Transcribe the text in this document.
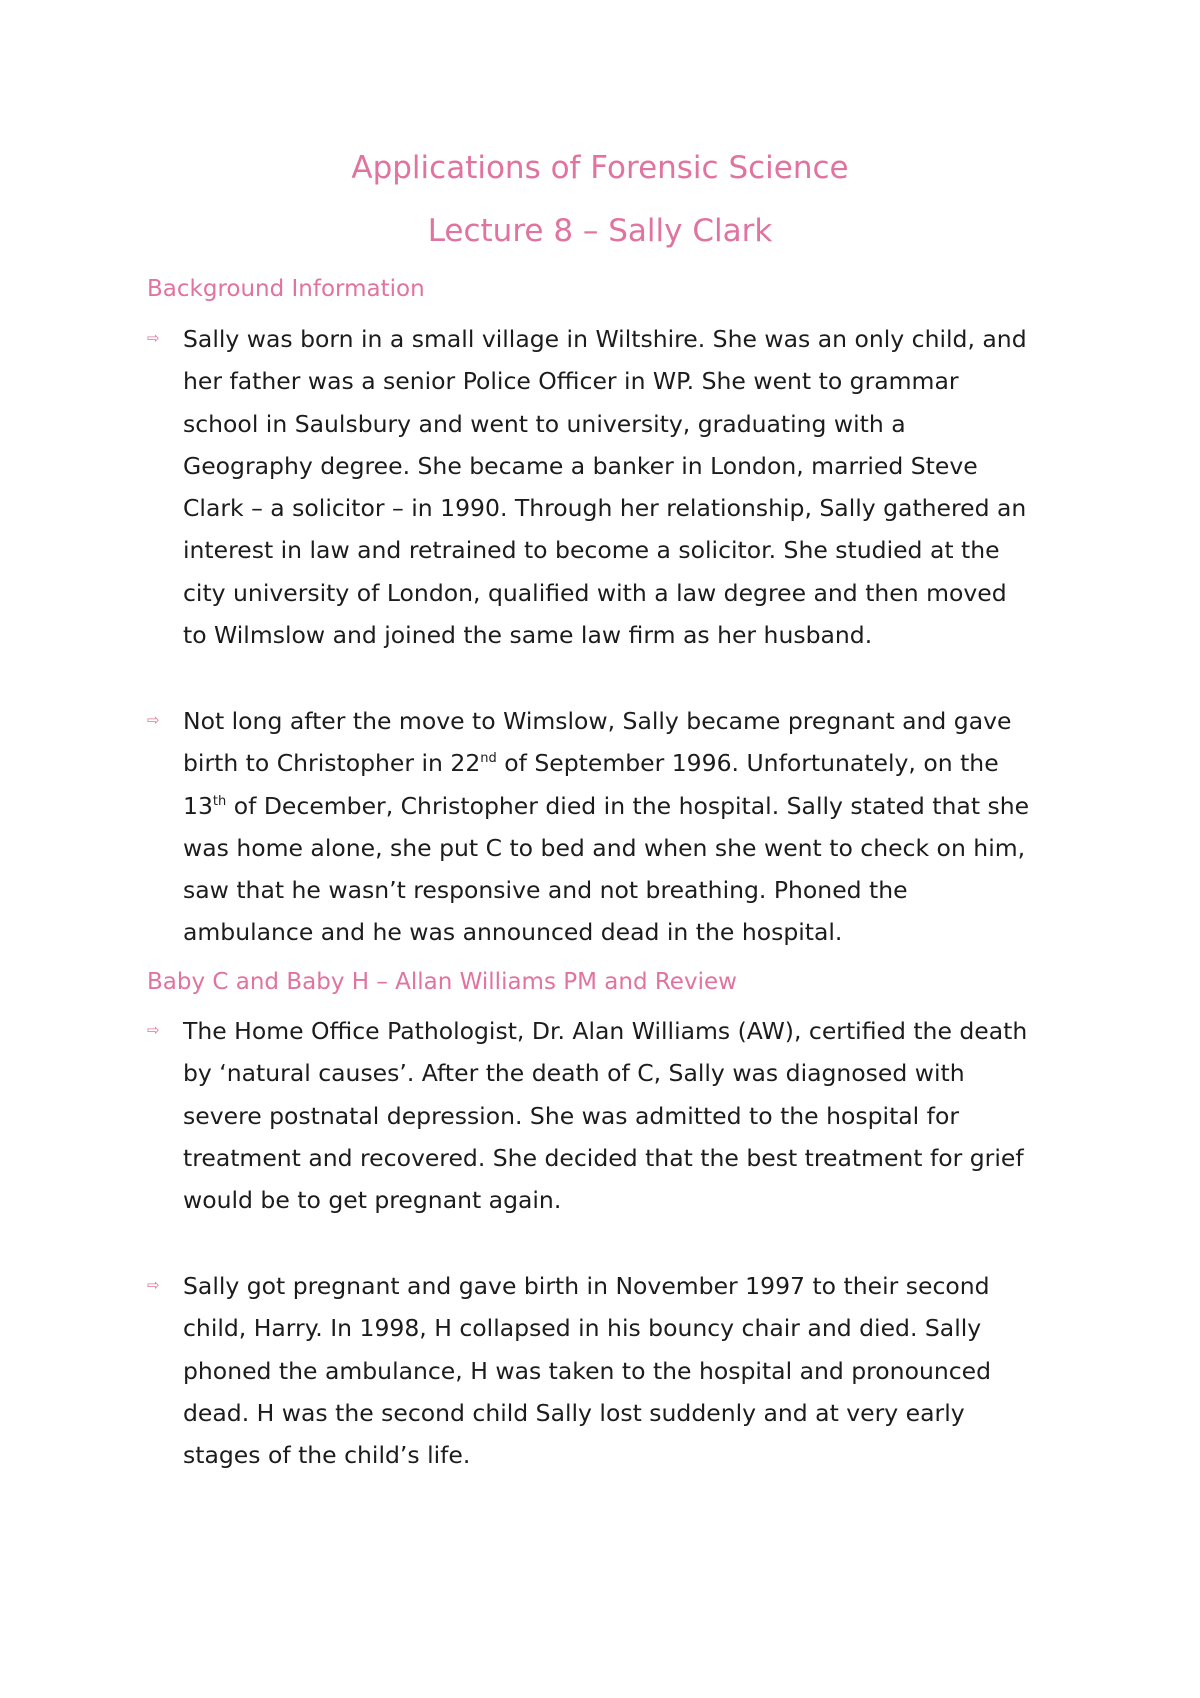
Applications of Forensic Science
Lecture 8 – Sally Clark
Background Information
⇨ Sally was born in a small village in Wiltshire. She was an only child, and
her father was a senior Police Officer in WP. She went to grammar
school in Saulsbury and went to university, graduating with a
Geography degree. She became a banker in London, married Steve
Clark – a solicitor – in 1990. Through her relationship, Sally gathered an
interest in law and retrained to become a solicitor. She studied at the
city university of London, qualified with a law degree and then moved
to Wilmslow and joined the same law firm as her husband.

⇨ Not long after the move to Wimslow, Sally became pregnant and gave
birth to Christopher in 22nd of September 1996. Unfortunately, on the
13th of December, Christopher died in the hospital. Sally stated that she
was home alone, she put C to bed and when she went to check on him,
saw that he wasn’t responsive and not breathing. Phoned the
ambulance and he was announced dead in the hospital.

Baby C and Baby H – Allan Williams PM and Review
⇨ The Home Office Pathologist, Dr. Alan Williams (AW), certified the death
by ‘natural causes’. After the death of C, Sally was diagnosed with
severe postnatal depression. She was admitted to the hospital for
treatment and recovered. She decided that the best treatment for grief
would be to get pregnant again.

⇨ Sally got pregnant and gave birth in November 1997 to their second
child, Harry. In 1998, H collapsed in his bouncy chair and died. Sally
phoned the ambulance, H was taken to the hospital and pronounced
dead. H was the second child Sally lost suddenly and at very early
stages of the child’s life.
